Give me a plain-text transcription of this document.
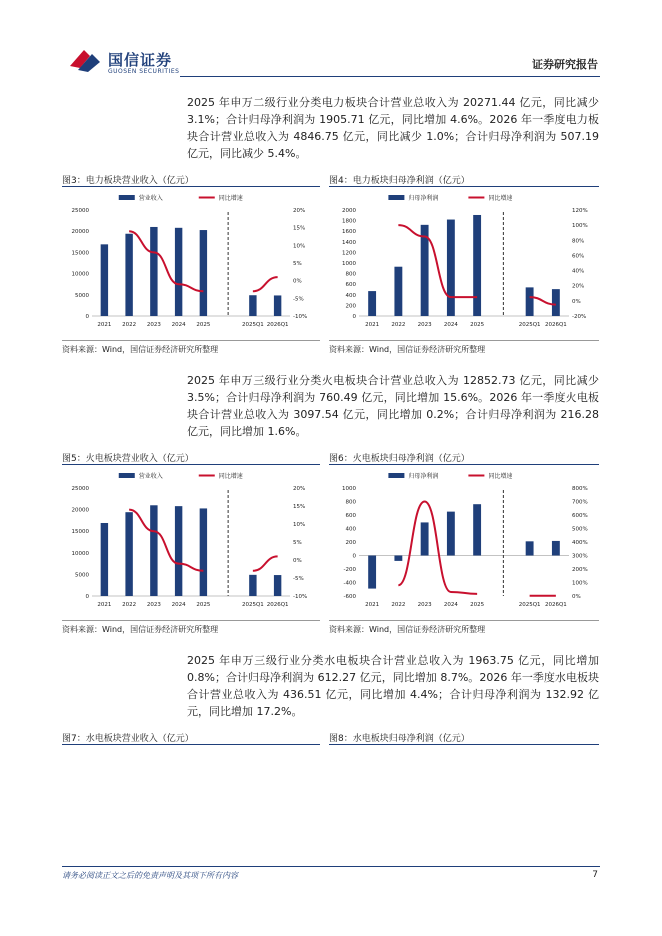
国信证券
GUOSEN SECURITIES
证券研究报告
2025 年申万二级行业分类电力板块合计营业总收入为 20271.44 亿元，同比减少 3.1%；合计归母净利润为 1905.71 亿元，同比增加 4.6%。2026 年一季度电力板块合计营业总收入为 4846.75 亿元，同比减少 1.0%；合计归母净利润为 507.19 亿元，同比减少 5.4%。
图3：电力板块营业收入（亿元）	图4：电力板块归母净利润（亿元）
营业收入	同比增速
0
5000
10000
15000
20000
25000
-10%
-5%
0%
5%
10%
15%
20%
2021 2022 2023 2024 2025	2025Q1 2026Q1
归母净利润	同比增速
0
200
400
600
800
1000
1200
1400
1600
1800
2000
-20%
0%
20%
40%
60%
80%
100%
120%
2021 2022 2023 2024 2025	2025Q1 2026Q1
资料来源：Wind，国信证券经济研究所整理	资料来源：Wind，国信证券经济研究所整理
2025 年申万三级行业分类火电板块合计营业总收入为 12852.73 亿元，同比减少 3.5%；合计归母净利润为 760.49 亿元，同比增加 15.6%。2026 年一季度火电板块合计营业总收入为 3097.54 亿元，同比增加 0.2%；合计归母净利润为 216.28 亿元，同比增加 1.6%。
图5：火电板块营业收入（亿元）	图6：火电板块归母净利润（亿元）
营业收入	同比增速
0
5000
10000
15000
20000
25000
-10%
-5%
0%
5%
10%
15%
20%
2021 2022 2023 2024 2025	2025Q1 2026Q1
归母净利润	同比增速
-600
-400
-200
0
200
400
600
800
1000
0%
100%
200%
300%
400%
500%
600%
700%
800%
2021 2022 2023 2024 2025	2025Q1 2026Q1
资料来源：Wind，国信证券经济研究所整理	资料来源：Wind，国信证券经济研究所整理
2025 年申万三级行业分类水电板块合计营业总收入为 1963.75 亿元，同比增加 0.8%；合计归母净利润为 612.27 亿元，同比增加 8.7%。2026 年一季度水电板块合计营业总收入为 436.51 亿元，同比增加 4.4%；合计归母净利润为 132.92 亿元，同比增加 17.2%。
图7：水电板块营业收入（亿元）	图8：水电板块归母净利润（亿元）
请务必阅读正文之后的免责声明及其项下所有内容	7
